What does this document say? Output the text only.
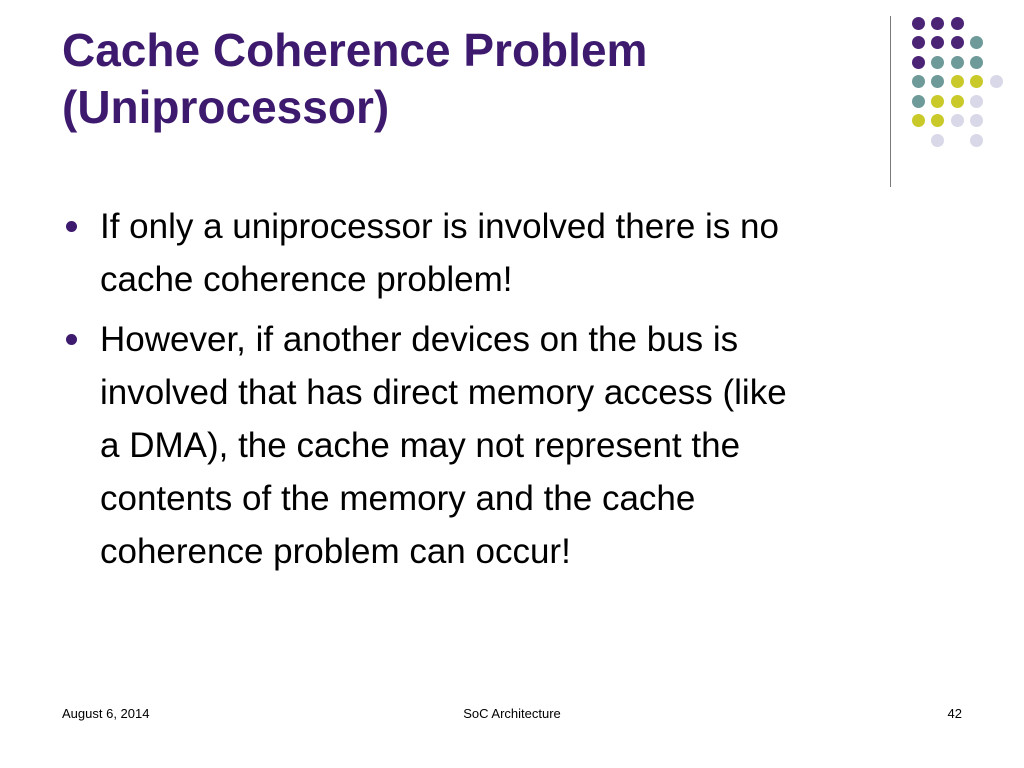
Cache Coherence Problem
(Uniprocessor)
If only a uniprocessor is involved there is no
cache coherence problem!
However, if another devices on the bus is
involved that has direct memory access (like
a DMA), the cache may not represent the
contents of the memory and the cache
coherence problem can occur!
August 6, 2014	SoC Architecture	42
